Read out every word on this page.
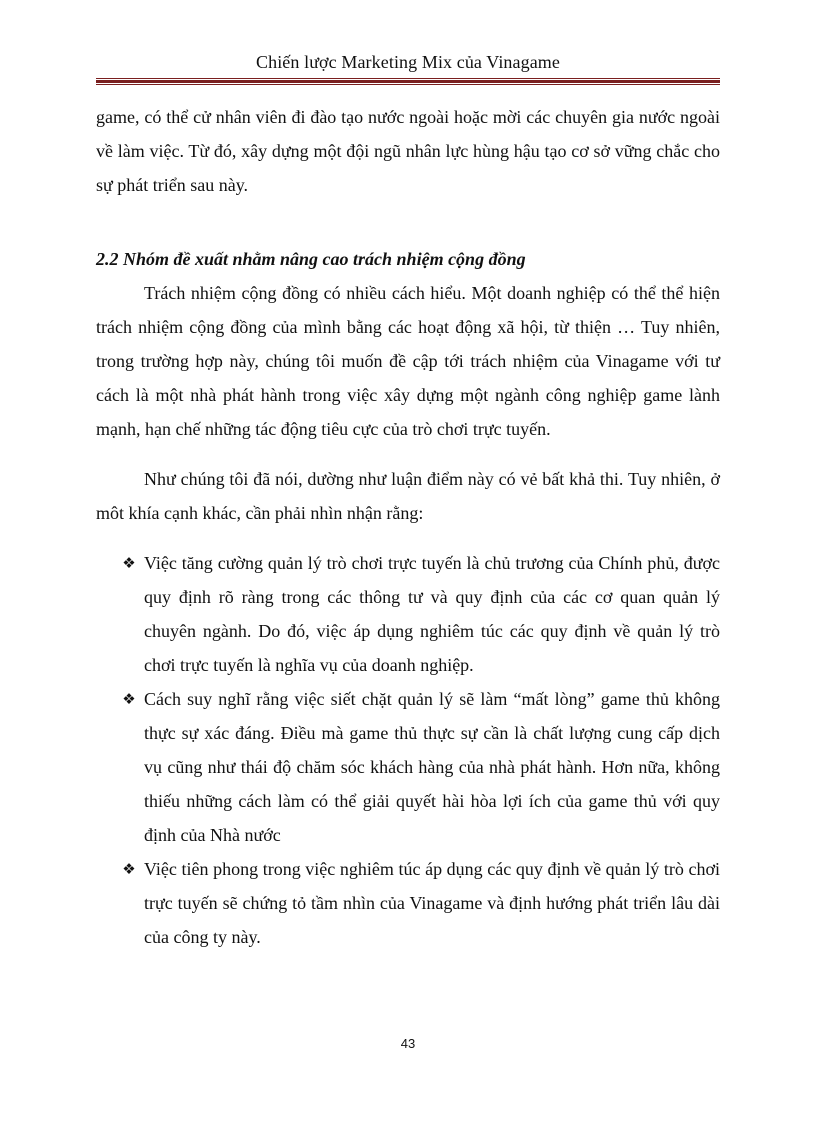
Chiến lược Marketing Mix của Vinagame

game, có thể cử nhân viên đi đào tạo nước ngoài hoặc mời các chuyên gia nước ngoài về làm việc. Từ đó, xây dựng một đội ngũ nhân lực hùng hậu tạo cơ sở vững chắc cho sự phát triển sau này.

2.2 Nhóm đề xuất nhằm nâng cao trách nhiệm cộng đồng

Trách nhiệm cộng đồng có nhiều cách hiểu. Một doanh nghiệp có thể thể hiện trách nhiệm cộng đồng của mình bằng các hoạt động xã hội, từ thiện … Tuy nhiên, trong trường hợp này, chúng tôi muốn đề cập tới trách nhiệm của Vinagame với tư cách là một nhà phát hành trong việc xây dựng một ngành công nghiệp game lành mạnh, hạn chế những tác động tiêu cực của trò chơi trực tuyến.

Như chúng tôi đã nói, dường như luận điểm này có vẻ bất khả thi. Tuy nhiên, ở môt khía cạnh khác, cần phải nhìn nhận rằng:

❖ Việc tăng cường quản lý trò chơi trực tuyến là chủ trương của Chính phủ, được quy định rõ ràng trong các thông tư và quy định của các cơ quan quản lý chuyên ngành. Do đó, việc áp dụng nghiêm túc các quy định về quản lý trò chơi trực tuyến là nghĩa vụ của doanh nghiệp.
❖ Cách suy nghĩ rằng việc siết chặt quản lý sẽ làm “mất lòng” game thủ không thực sự xác đáng. Điều mà game thủ thực sự cần là chất lượng cung cấp dịch vụ cũng như thái độ chăm sóc khách hàng của nhà phát hành. Hơn nữa, không thiếu những cách làm có thể giải quyết hài hòa lợi ích của game thủ với quy định của Nhà nước
❖ Việc tiên phong trong việc nghiêm túc áp dụng các quy định về quản lý trò chơi trực tuyến sẽ chứng tỏ tầm nhìn của Vinagame và định hướng phát triển lâu dài của công ty này.
43
